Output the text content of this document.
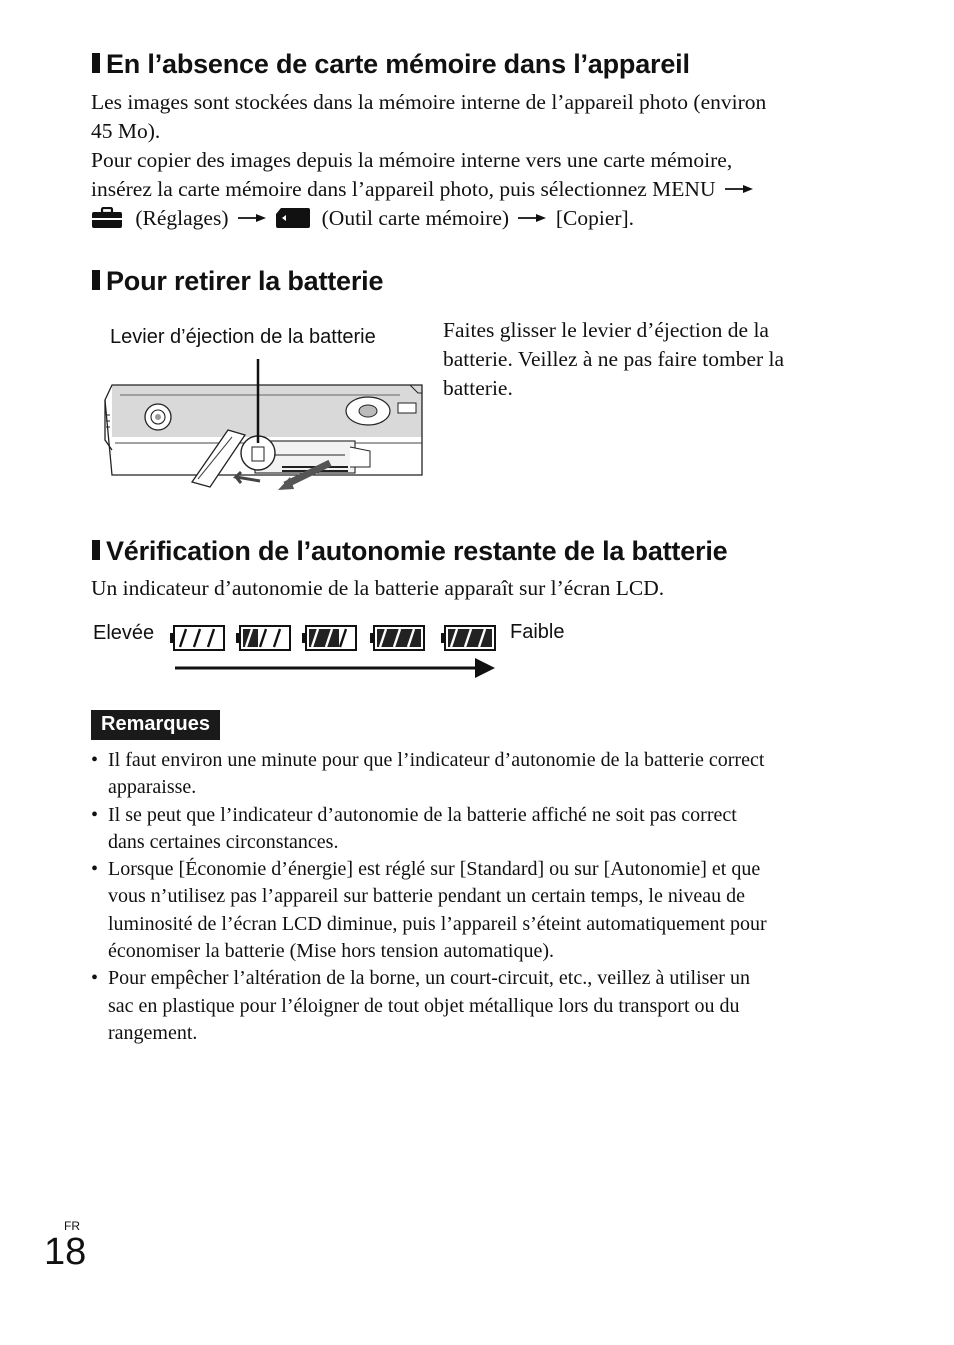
En l’absence de carte mémoire dans l’appareil
Les images sont stockées dans la mémoire interne de l’appareil photo (environ
45 Mo).
Pour copier des images depuis la mémoire interne vers une carte mémoire,
insérez la carte mémoire dans l’appareil photo, puis sélectionnez MENU
(Réglages)	(Outil carte mémoire) [Copier].
Pour retirer la batterie
Levier d’éjection de la batterie	Faites glisser le levier d’éjection de la
batterie. Veillez à ne pas faire tomber la
batterie.
Vérification de l’autonomie restante de la batterie
Un indicateur d’autonomie de la batterie apparaît sur l’écran LCD.
Elevée	Faible
Remarques
• Il faut environ une minute pour que l’indicateur d’autonomie de la batterie correct
apparaisse.
• Il se peut que l’indicateur d’autonomie de la batterie affiché ne soit pas correct
dans certaines circonstances.
• Lorsque [Économie d’énergie] est réglé sur [Standard] ou sur [Autonomie] et que
vous n’utilisez pas l’appareil sur batterie pendant un certain temps, le niveau de
luminosité de l’écran LCD diminue, puis l’appareil s’éteint automatiquement pour
économiser la batterie (Mise hors tension automatique).
• Pour empêcher l’altération de la borne, un court-circuit, etc., veillez à utiliser un
sac en plastique pour l’éloigner de tout objet métallique lors du transport ou du
rangement.
FR
18
